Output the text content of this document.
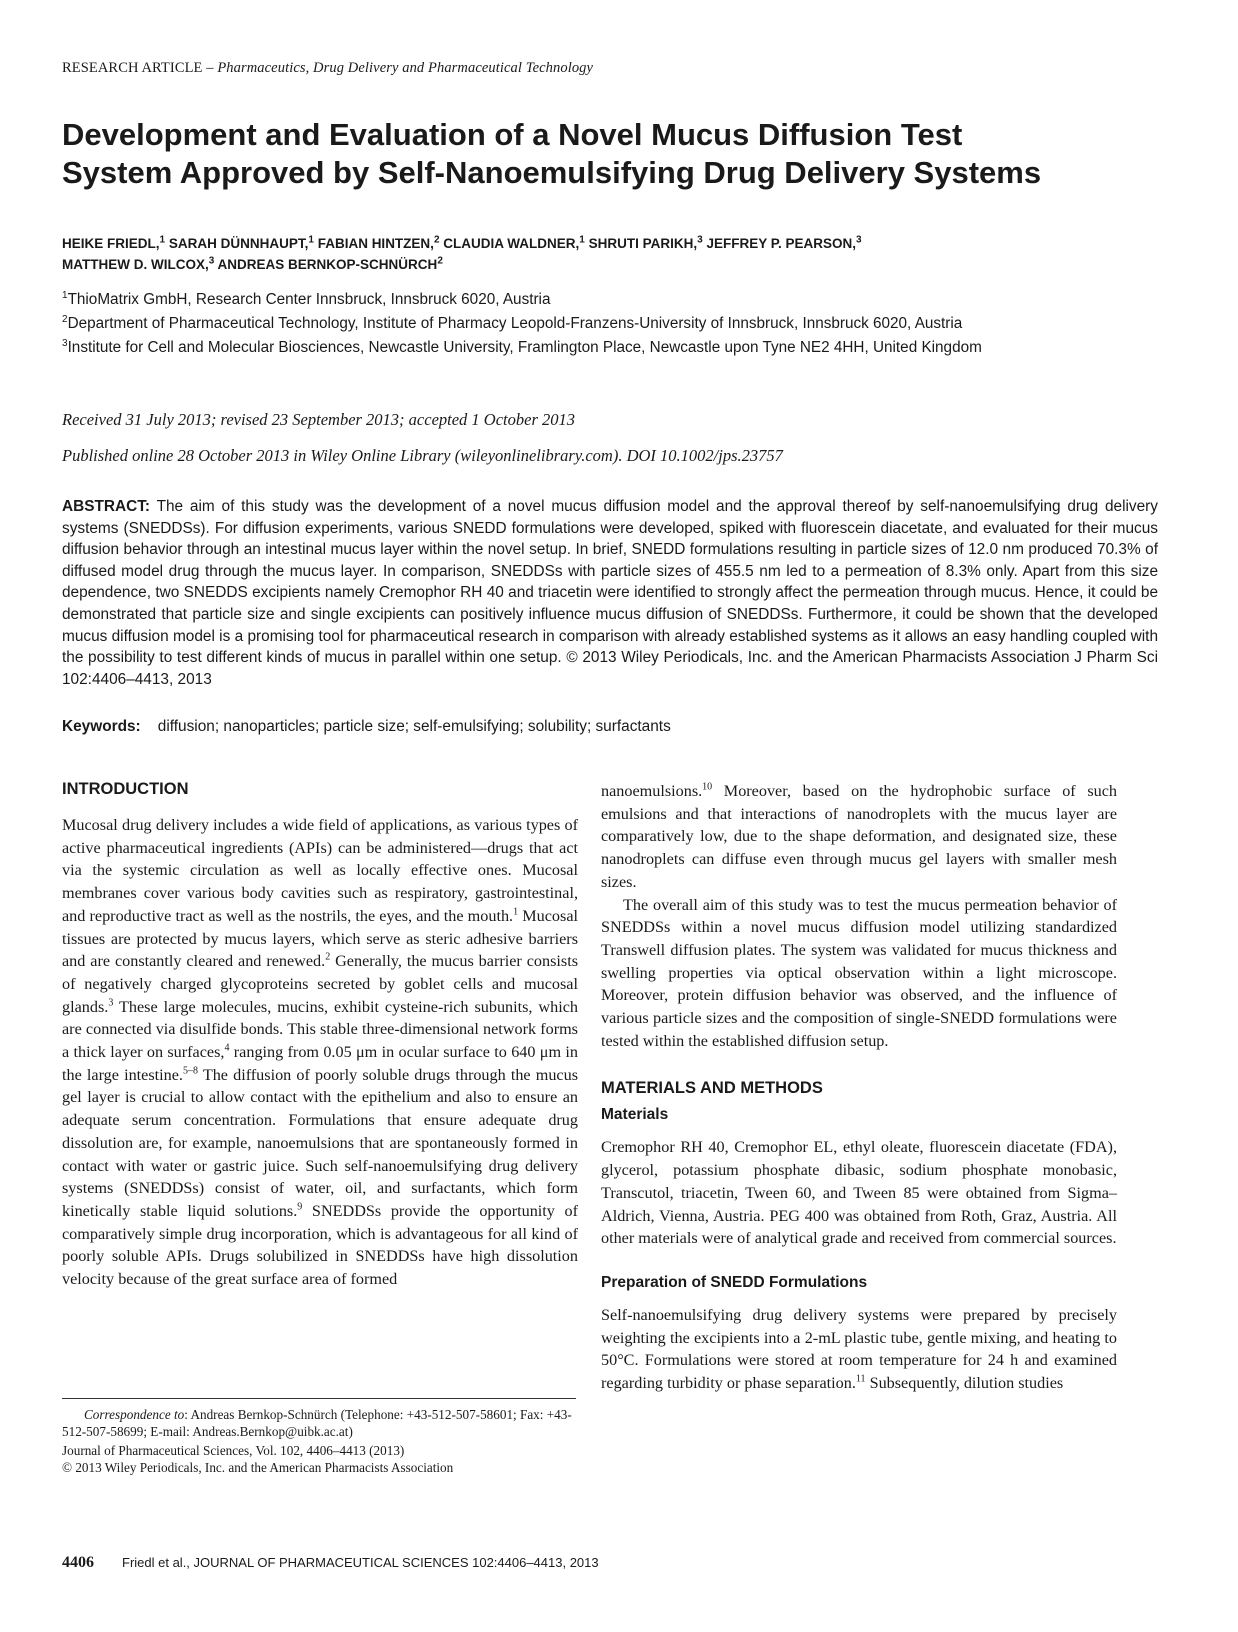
RESEARCH ARTICLE – Pharmaceutics, Drug Delivery and Pharmaceutical Technology
Development and Evaluation of a Novel Mucus Diffusion Test
System Approved by Self-Nanoemulsifying Drug Delivery Systems
HEIKE FRIEDL,$^1$ SARAH DÜNNHAUPT,$^1$ FABIAN HINTZEN,$^2$ CLAUDIA WALDNER,$^1$ SHRUTI PARIKH,$^3$ JEFFREY P. PEARSON,$^3$
MATTHEW D. WILCOX,$^3$ ANDREAS BERNKOP-SCHNÜRCH$^2$

$^1$ThioMatrix GmbH, Research Center Innsbruck, Innsbruck 6020, Austria

$^2$Department of Pharmaceutical Technology, Institute of Pharmacy Leopold-Franzens-University of Innsbruck, Innsbruck 6020, Austria

$^3$Institute for Cell and Molecular Biosciences, Newcastle University, Framlington Place, Newcastle upon Tyne NE2 4HH, United Kingdom

Received 31 July 2013; revised 23 September 2013; accepted 1 October 2013
Published online 28 October 2013 in Wiley Online Library (wileyonlinelibrary.com). DOI 10.1002/jps.23757

ABSTRACT: The aim of this study was the development of a novel mucus diffusion model and the approval thereof by self-nanoemulsifying drug delivery systems (SNEDDSs). For diffusion experiments, various SNEDD formulations were developed, spiked with fluorescein diacetate, and evaluated for their mucus diffusion behavior through an intestinal mucus layer within the novel setup. In brief, SNEDD formulations resulting in particle sizes of 12.0 nm produced 70.3% of diffused model drug through the mucus layer. In comparison, SNEDDSs with particle sizes of 455.5 nm led to a permeation of 8.3% only. Apart from this size dependence, two SNEDDS excipients namely Cremophor RH 40 and triacetin were identified to strongly affect the permeation through mucus. Hence, it could be demonstrated that particle size and single excipients can positively influence mucus diffusion of SNEDDSs. Furthermore, it could be shown that the developed mucus diffusion model is a promising tool for pharmaceutical research in comparison with already established systems as it allows an easy handling coupled with the possibility to test different kinds of mucus in parallel within one setup. © 2013 Wiley Periodicals, Inc. and the American Pharmacists Association J Pharm Sci 102:4406–4413, 2013

Keywords: diffusion; nanoparticles; particle size; self-emulsifying; solubility; surfactants

INTRODUCTION

Mucosal drug delivery includes a wide field of applications, as various types of active pharmaceutical ingredients (APIs) can be administered—drugs that act via the systemic circulation as well as locally effective ones. Mucosal membranes cover various body cavities such as respiratory, gastrointestinal, and reproductive tract as well as the nostrils, the eyes, and the mouth.$^1$ Mucosal tissues are protected by mucus layers, which serve as steric adhesive barriers and are constantly cleared and renewed.$^2$ Generally, the mucus barrier consists of negatively charged glycoproteins secreted by goblet cells and mucosal glands.$^3$ These large molecules, mucins, exhibit cysteine-rich subunits, which are connected via disulfide bonds. This stable three-dimensional network forms a thick layer on surfaces,$^4$ ranging from 0.05 μm in ocular surface to 640 μm in the large intestine.$^{5-8}$ The diffusion of poorly soluble drugs through the mucus gel layer is crucial to allow contact with the epithelium and also to ensure an adequate serum concentration. Formulations that ensure adequate drug dissolution are, for example, nanoemulsions that are spontaneously formed in contact with water or gastric juice. Such self-nanoemulsifying drug delivery systems (SNEDDSs) consist of water, oil, and surfactants, which form kinetically stable liquid solutions.$^9$ SNEDDSs provide the opportunity of comparatively simple drug incorporation, which is advantageous for all kind of poorly soluble APIs. Drugs solubilized in SNEDDSs have high dissolution velocity because of the great surface area of formed

Correspondence to: Andreas Bernkop-Schnürch (Telephone: +43-512-507-58601; Fax: +43-512-507-58699; E-mail: Andreas.Bernkop@uibk.ac.at)

Journal of Pharmaceutical Sciences, Vol. 102, 4406–4413 (2013)

© 2013 Wiley Periodicals, Inc. and the American Pharmacists Association

nanoemulsions.$^{10}$ Moreover, based on the hydrophobic surface of such emulsions and that interactions of nanodroplets with the mucus layer are comparatively low, due to the shape deformation, and designated size, these nanodroplets can diffuse even through mucus gel layers with smaller mesh sizes.

The overall aim of this study was to test the mucus permeation behavior of SNEDDSs within a novel mucus diffusion model utilizing standardized Transwell diffusion plates. The system was validated for mucus thickness and swelling properties via optical observation within a light microscope. Moreover, protein diffusion behavior was observed, and the influence of various particle sizes and the composition of single-SNEDD formulations were tested within the established diffusion setup.

MATERIALS AND METHODS
Materials

Cremophor RH 40, Cremophor EL, ethyl oleate, fluorescein diacetate (FDA), glycerol, potassium phosphate dibasic, sodium phosphate monobasic, Transcutol, triacetin, Tween 60, and Tween 85 were obtained from Sigma–Aldrich, Vienna, Austria. PEG 400 was obtained from Roth, Graz, Austria. All other materials were of analytical grade and received from commercial sources.

Preparation of SNEDD Formulations

Self-nanoemulsifying drug delivery systems were prepared by precisely weighting the excipients into a 2-mL plastic tube, gentle mixing, and heating to 50°C. Formulations were stored at room temperature for 24 h and examined regarding turbidity or phase separation.$^{11}$ Subsequently, dilution studies

4406 Friedl et al., JOURNAL OF PHARMACEUTICAL SCIENCES 102:4406–4413, 2013
